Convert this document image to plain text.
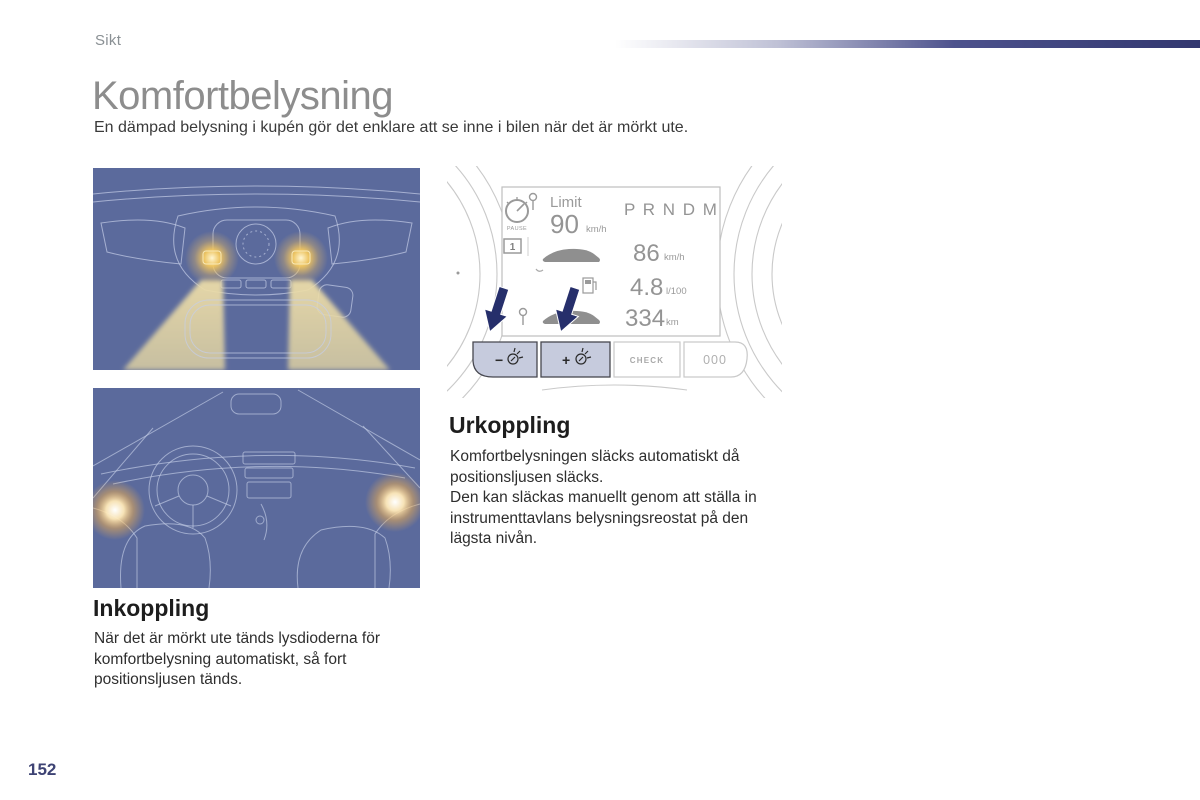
Sikt
Komfortbelysning
En dämpad belysning i kupén gör det enklare att se inne i bilen när det är mörkt ute.
PAUSE
Limit
90 km/h
P R N D M
1	86 km/h
4.8 l/100
334 km
−	+	CHECK	000
Urkoppling

Komfortbelysningen släcks automatiskt då positionsljusen släcks.

Den kan släckas manuellt genom att ställa in instrumenttavlans belysningsreostat på den lägsta nivån.

Inkoppling

När det är mörkt ute tänds lysdioderna för komfortbelysning automatiskt, så fort positionsljusen tänds.

152
